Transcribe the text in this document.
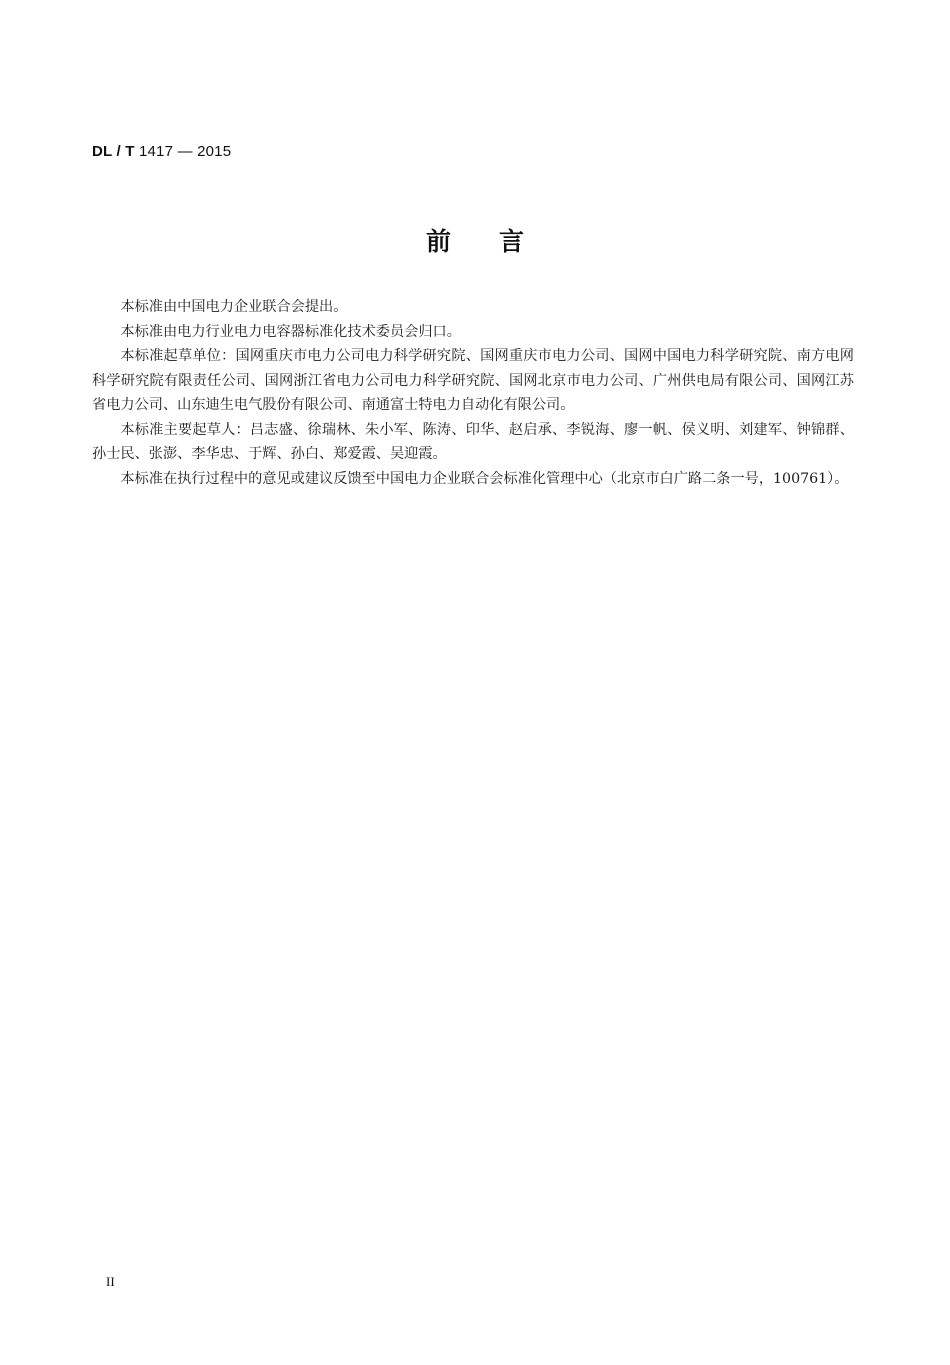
DL / T 1417 — 2015
前 言

本标准由中国电力企业联合会提出。

本标准由电力行业电力电容器标准化技术委员会归口。

本标准起草单位：国网重庆市电力公司电力科学研究院、国网重庆市电力公司、国网中国电力科学研究院、南方电网科学研究院有限责任公司、国网浙江省电力公司电力科学研究院、国网北京市电力公司、广州供电局有限公司、国网江苏省电力公司、山东迪生电气股份有限公司、南通富士特电力自动化有限公司。

本标准主要起草人：吕志盛、徐瑞林、朱小军、陈涛、印华、赵启承、李锐海、廖一帆、侯义明、刘建军、钟锦群、孙士民、张澎、李华忠、于辉、孙白、郑爱霞、吴迎霞。

本标准在执行过程中的意见或建议反馈至中国电力企业联合会标准化管理中心（北京市白广路二条一号，100761）。

II
